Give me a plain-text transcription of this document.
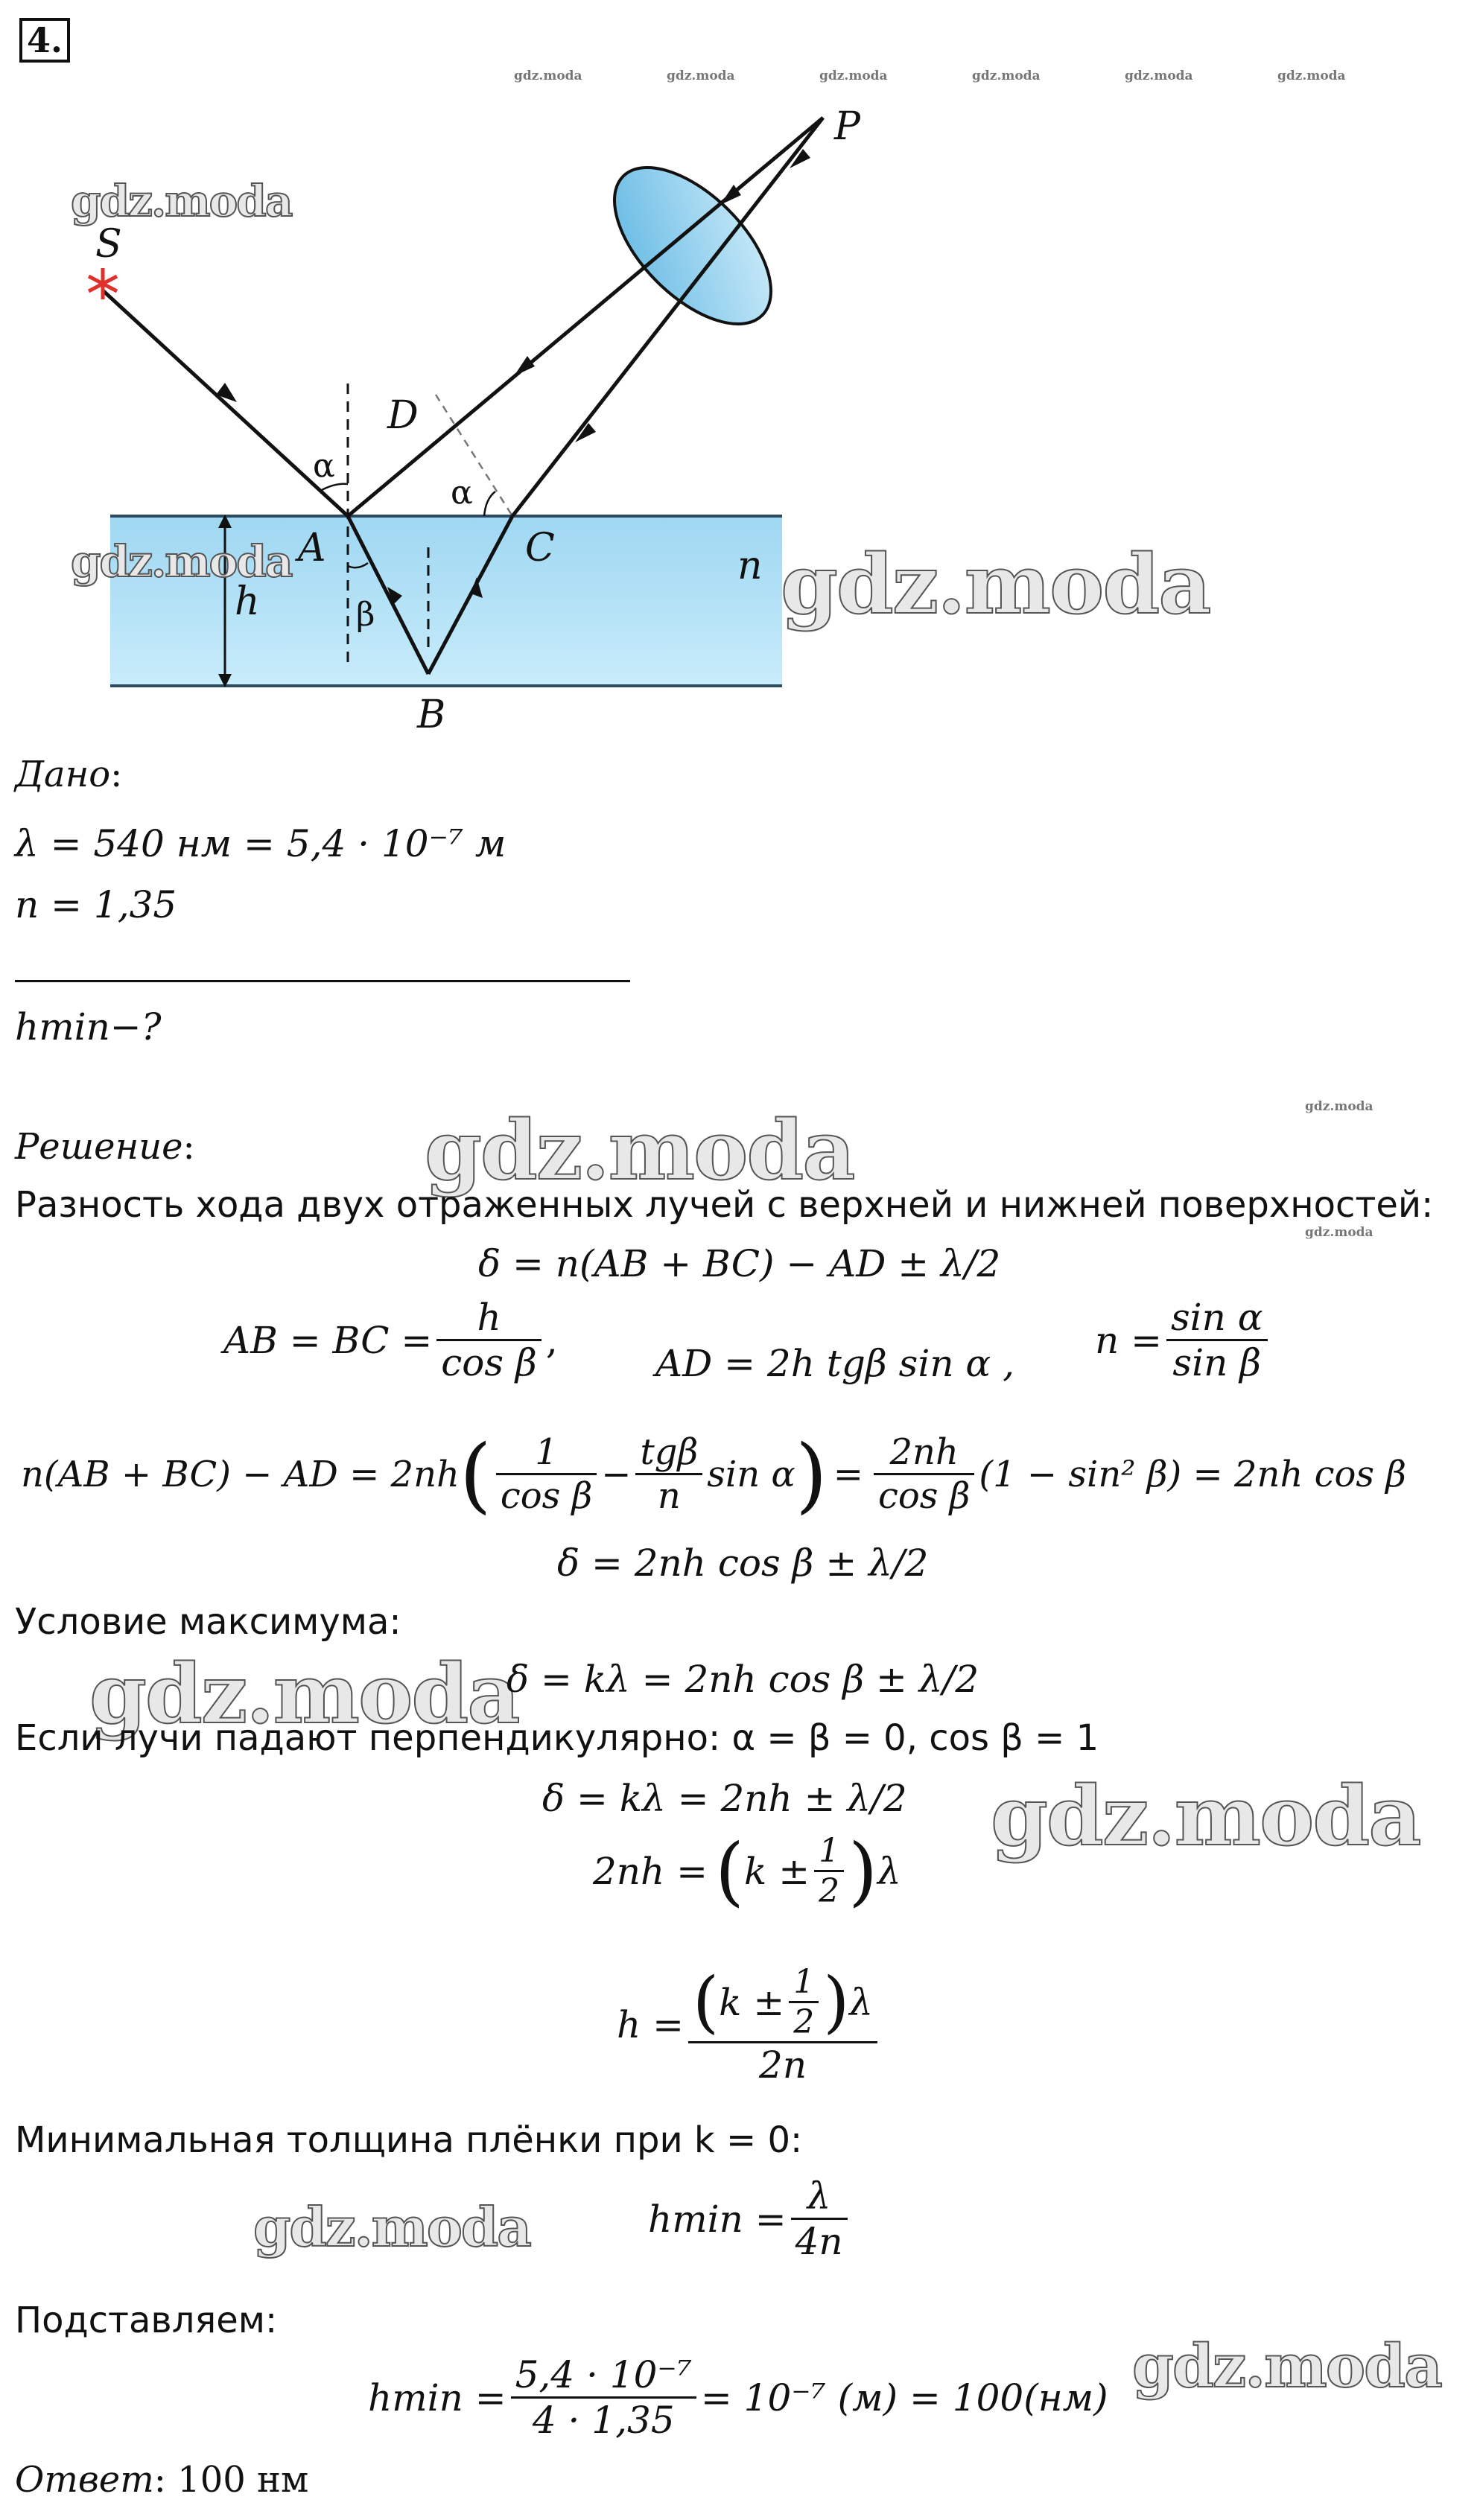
4.
gdz.moda	gdz.moda	gdz.moda	gdz.moda	gdz.moda	gdz.moda
S
P
D
A	C
B
n
h
α
α
β
gdz.moda
gdz.moda	gdz.moda
Дано:
λ = 540 нм = 5,4 · 10⁻⁷ м
n = 1,35
hmin−?
Решение:	gdz.moda	gdz.moda
gdz.moda
Разность хода двух отраженных лучей с верхней и нижней поверхностей:
δ = n(AB + BC) − AD ± λ/2
AB = BC = $\frac{h}{\text{cos β}}$ ,
AD = 2h tgβ sin α ,
$n = \frac{\text{sin α}}{\text{sin β}}$
n(AB + BC) − AD = 2nh ( $\frac{1}{\text{cos β}} - \frac{\text{tgβ}}{n}$ sin α ) = $\frac{2nh}{\text{cos β}} (1 - \sin^2$ β) = 2nh cos β
δ = 2nh cos β ± λ/2
Условие максимума:
gdz.moda
δ = kλ = 2nh cos β ± λ/2
Если лучи падают перпендикулярно: α = β = 0, cos β = 1
δ = kλ = 2nh ± λ/2 gdz.moda
2nh = ( $k \pm \frac{1}{2}$ ) λ
$h = \frac{( k \pm \frac{1}{2} ) \lambda}{2n}$
Минимальная толщина плёнки при k = 0:
gdz.moda	$hmin = \frac{\lambda}{4n}$
Подставляем:
$hmin = \frac{\text{5,4 · 10⁻⁷}}{4 \cdot 1,35} = 10^{-7}$ (м) = 100(нм) gdz.moda
Ответ: 100 нм
